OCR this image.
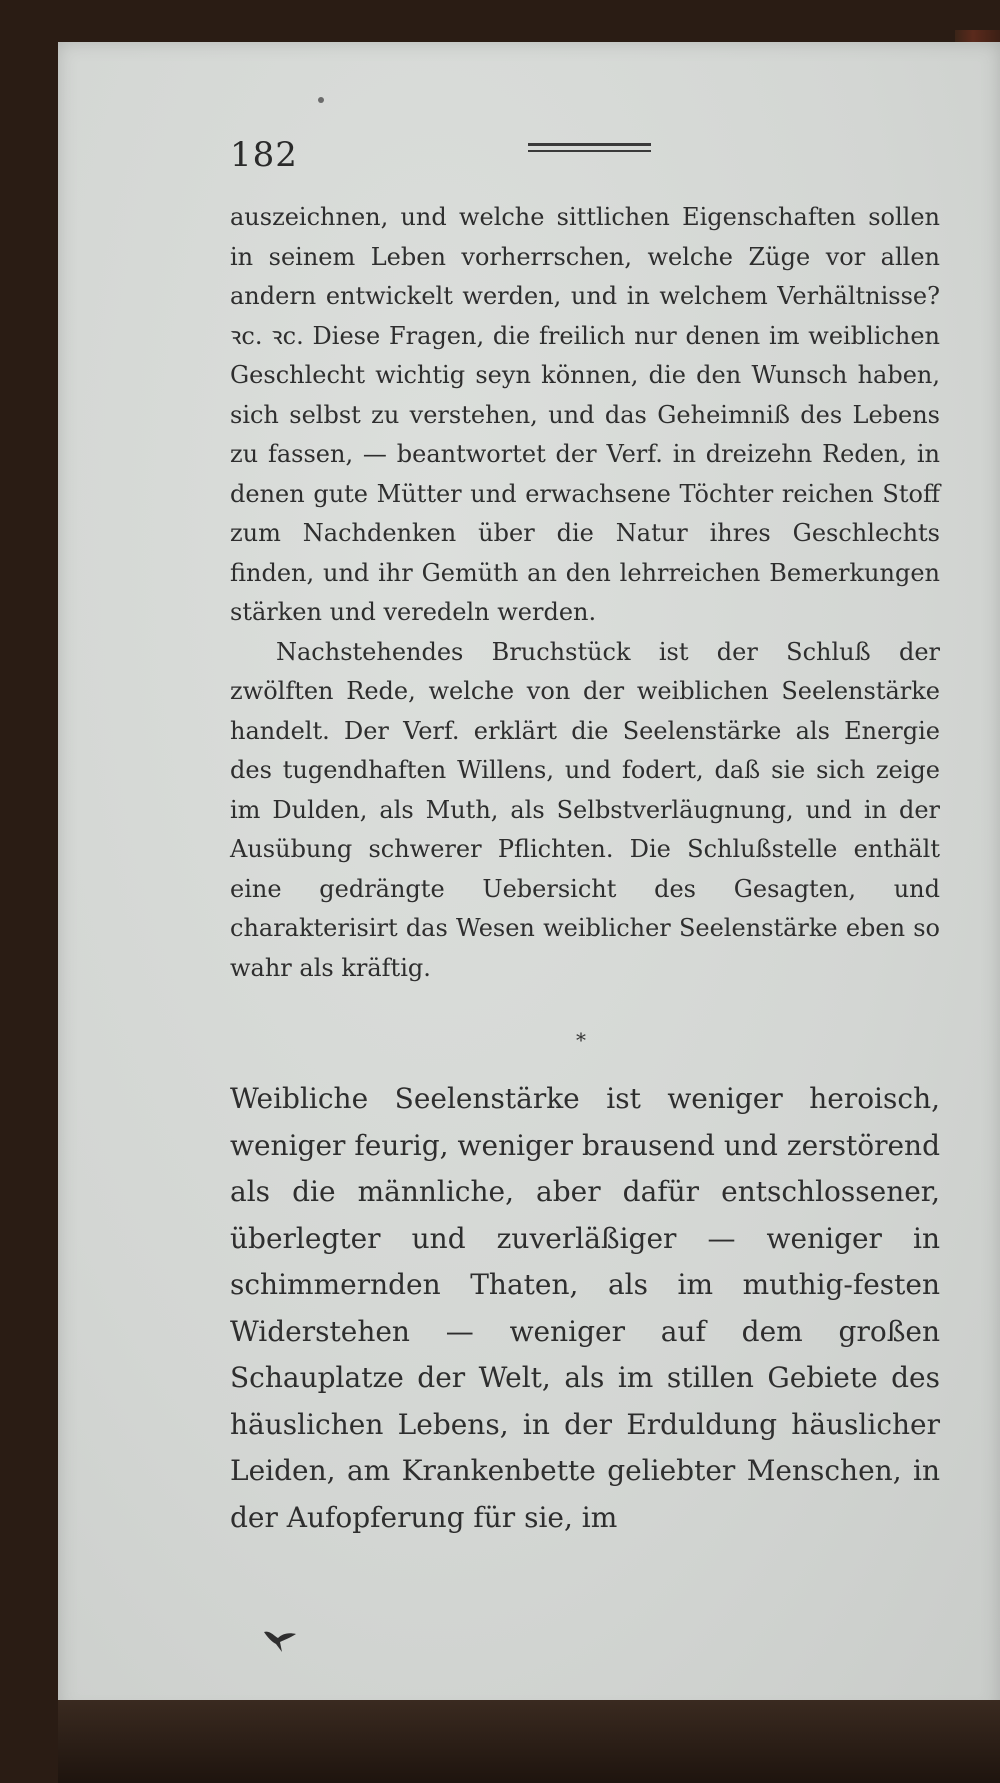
182

auszeichnen, und welche sittlichen Eigenschaften sollen in seinem Leben vorherrschen, welche Züge vor allen andern entwickelt werden, und in welchem Verhältnisse? ꝛc. ꝛc. Diese Fragen, die freilich nur denen im weiblichen Geschlecht wichtig seyn können, die den Wunsch haben, sich selbst zu verstehen, und das Geheimniß des Lebens zu fassen, — beantwortet der Verf. in dreizehn Reden, in denen gute Mütter und erwachsene Töchter reichen Stoff zum Nachdenken über die Natur ihres Geschlechts finden, und ihr Gemüth an den lehrreichen Bemerkungen stärken und veredeln werden.

Nachstehendes Bruchstück ist der Schluß der zwölften Rede, welche von der weiblichen Seelenstärke handelt. Der Verf. erklärt die Seelenstärke als Energie des tugendhaften Willens, und fodert, daß sie sich zeige im Dulden, als Muth, als Selbstverläugnung, und in der Ausübung schwerer Pflichten. Die Schlußstelle enthält eine gedrängte Uebersicht des Gesagten, und charakterisirt das Wesen weiblicher Seelenstärke eben so wahr als kräftig.

*

Weibliche Seelenstärke ist weniger heroisch, weniger feurig, weniger brausend und zerstörend als die männliche, aber dafür entschlossener, überlegter und zuverläßiger — weniger in schimmernden Thaten, als im muthig-festen Widerstehen — weniger auf dem großen Schauplatze der Welt, als im stillen Gebiete des häuslichen Lebens, in der Erduldung häuslicher Leiden, am Krankenbette geliebter Menschen, in der Aufopferung für sie, im
